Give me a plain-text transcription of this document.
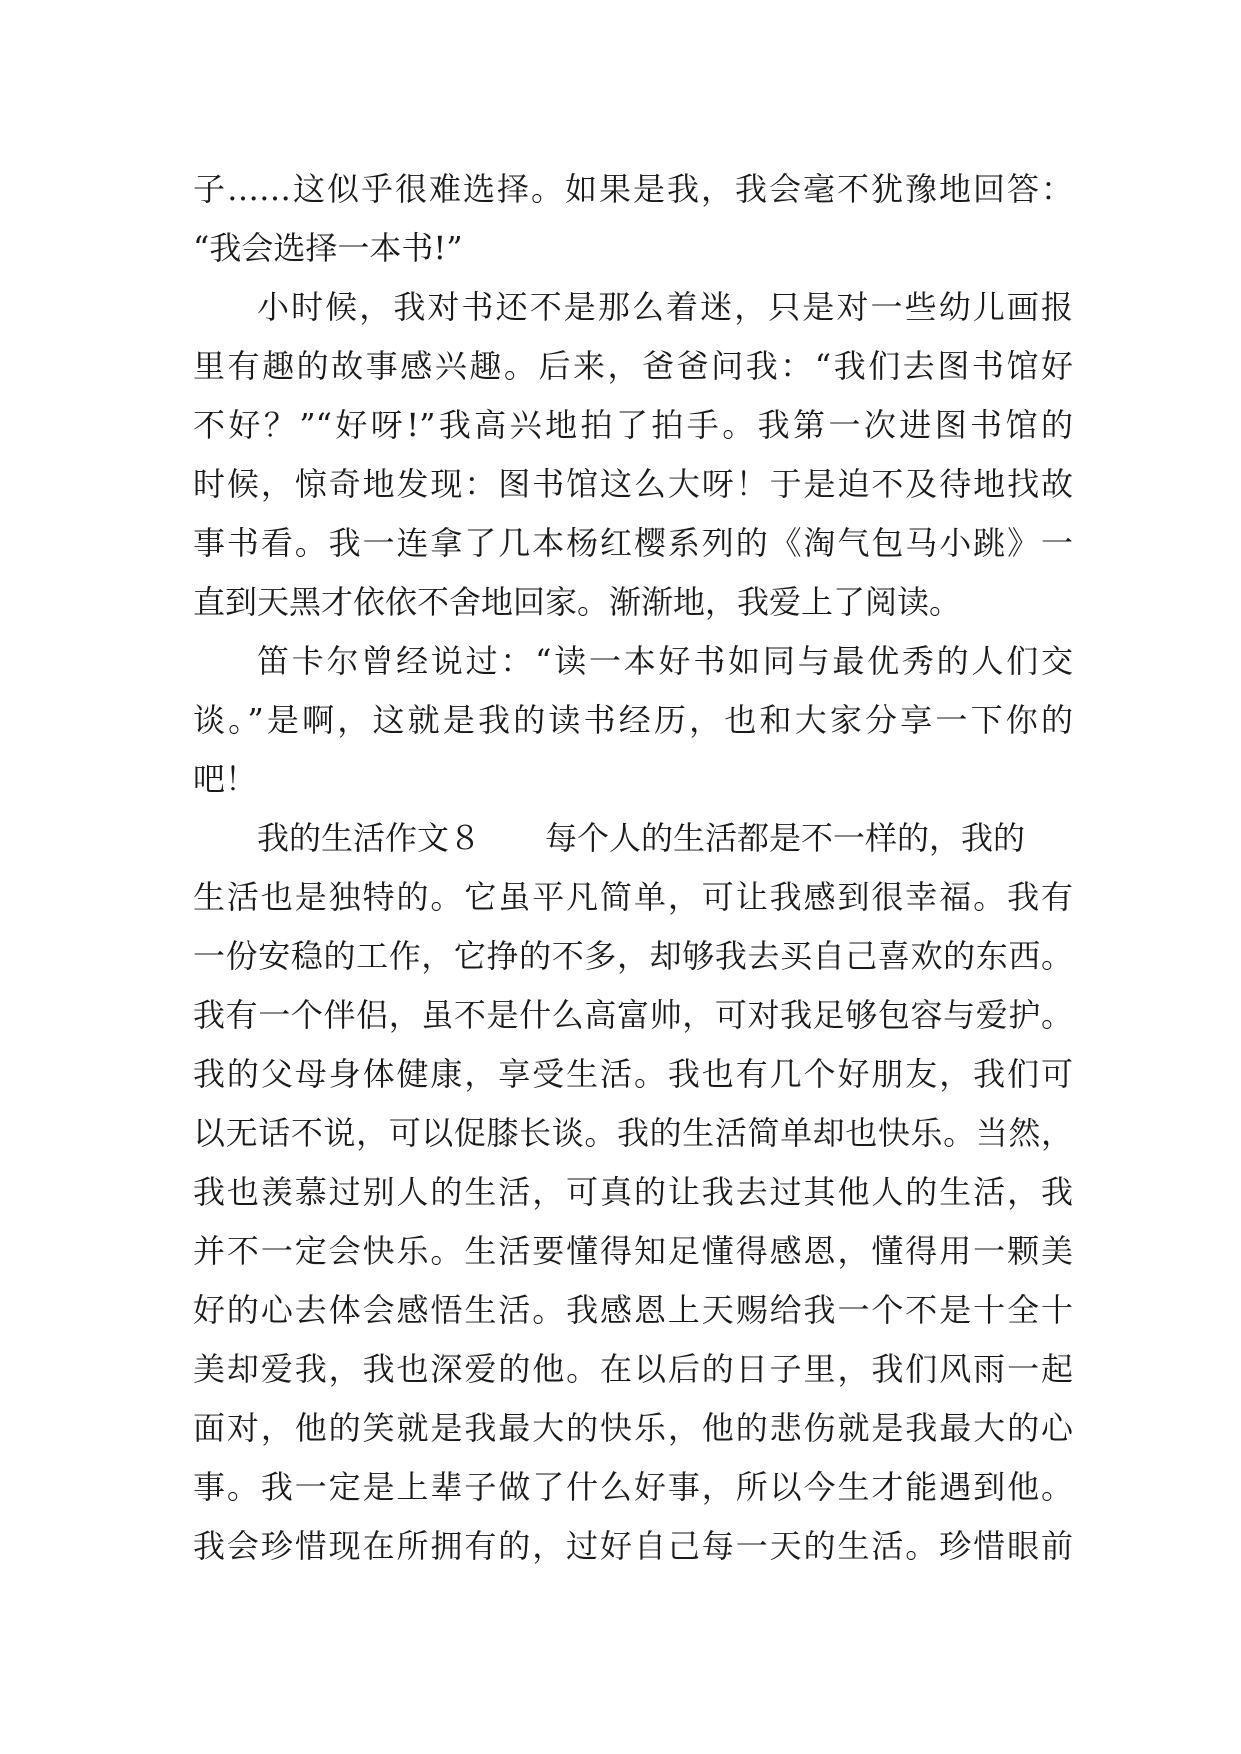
子……这似乎很难选择。如果是我，我会毫不犹豫地回答：
“我会选择一本书!”
小时候，我对书还不是那么着迷，只是对一些幼儿画报
里有趣的故事感兴趣。后来，爸爸问我：“我们去图书馆好
不好？”“好呀!”我高兴地拍了拍手。我第一次进图书馆的
时候，惊奇地发现：图书馆这么大呀！于是迫不及待地找故
事书看。我一连拿了几本杨红樱系列的《淘气包马小跳》一
直到天黑才依依不舍地回家。渐渐地，我爱上了阅读。
笛卡尔曾经说过：“读一本好书如同与最优秀的人们交
谈。”是啊，这就是我的读书经历，也和大家分享一下你的
吧！
我的生活作文８ 每个人的生活都是不一样的，我的
生活也是独特的。它虽平凡简单，可让我感到很幸福。我有
一份安稳的工作，它挣的不多，却够我去买自己喜欢的东西。
我有一个伴侣，虽不是什么高富帅，可对我足够包容与爱护。
我的父母身体健康，享受生活。我也有几个好朋友，我们可
以无话不说，可以促膝长谈。我的生活简单却也快乐。当然，
我也羡慕过别人的生活，可真的让我去过其他人的生活，我
并不一定会快乐。生活要懂得知足懂得感恩，懂得用一颗美
好的心去体会感悟生活。我感恩上天赐给我一个不是十全十
美却爱我，我也深爱的他。在以后的日子里，我们风雨一起
面对，他的笑就是我最大的快乐，他的悲伤就是我最大的心
事。我一定是上辈子做了什么好事，所以今生才能遇到他。
我会珍惜现在所拥有的，过好自己每一天的生活。珍惜眼前
